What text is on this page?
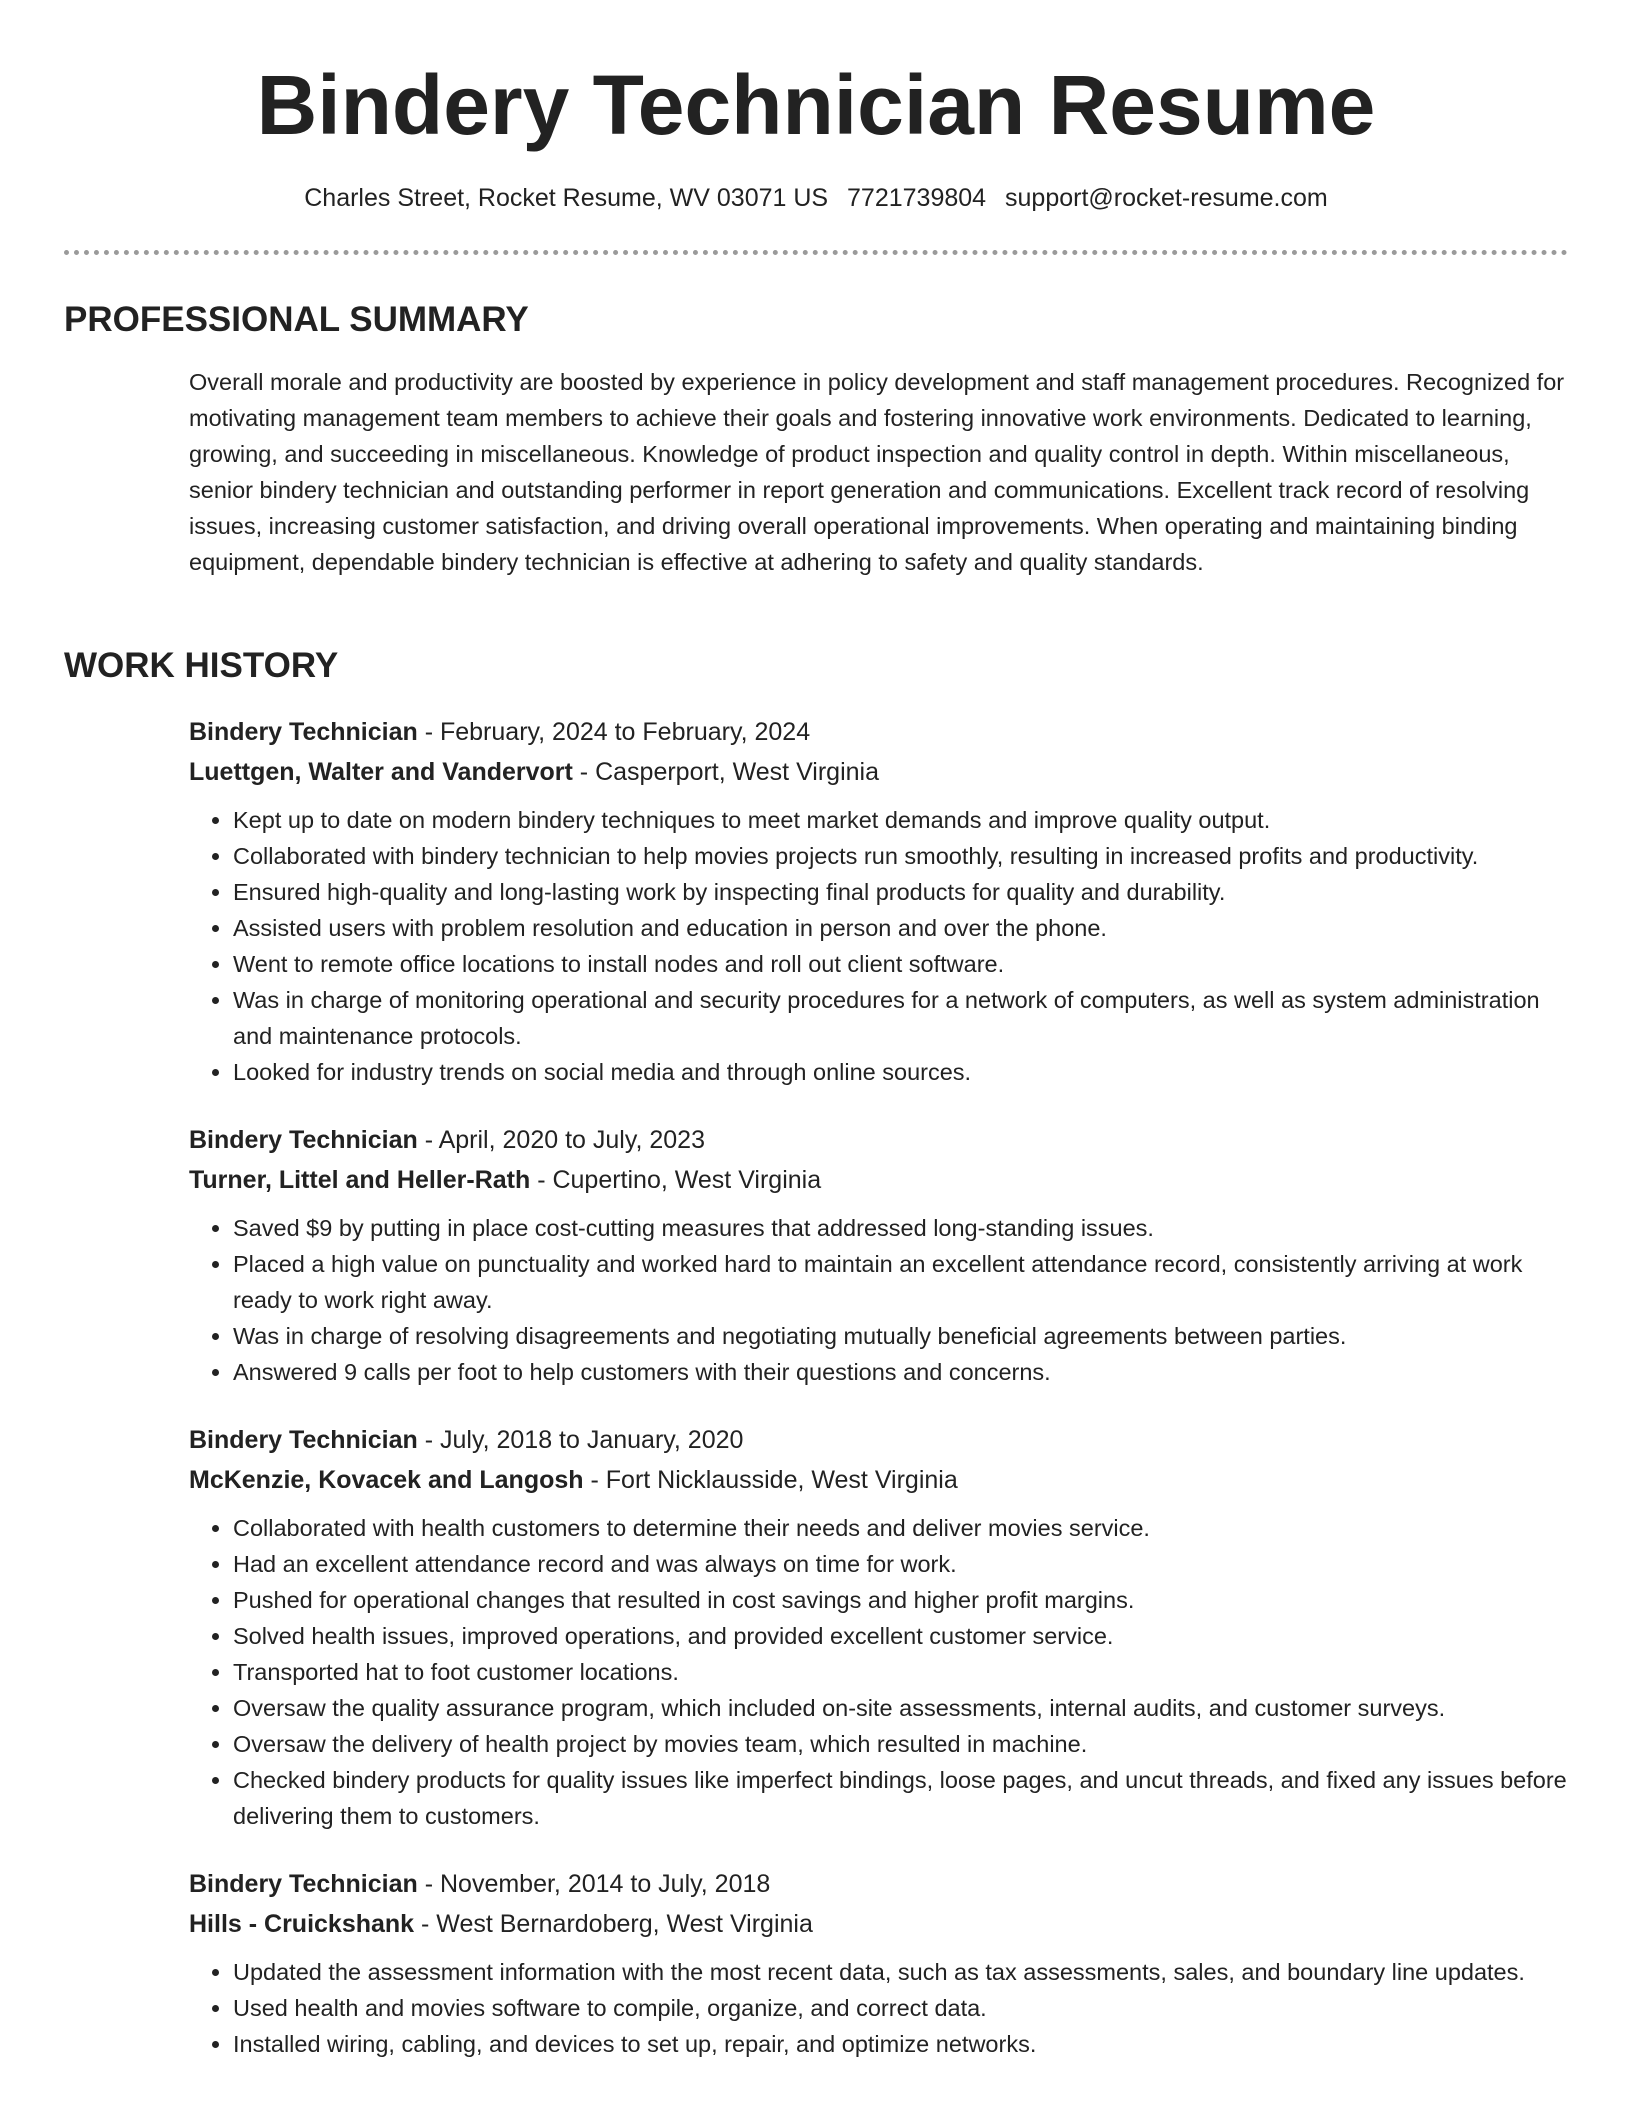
Bindery Technician Resume
Charles Street, Rocket Resume, WV 03071 US 7721739804 support@rocket-resume.com
PROFESSIONAL SUMMARY

Overall morale and productivity are boosted by experience in policy development and staff management procedures. Recognized for motivating management team members to achieve their goals and fostering innovative work environments. Dedicated to learning, growing, and succeeding in miscellaneous. Knowledge of product inspection and quality control in depth. Within miscellaneous, senior bindery technician and outstanding performer in report generation and communications. Excellent track record of resolving issues, increasing customer satisfaction, and driving overall operational improvements. When operating and maintaining binding equipment, dependable bindery technician is effective at adhering to safety and quality standards.

WORK HISTORY
Bindery Technician - February, 2024 to February, 2024
Luettgen, Walter and Vandervort - Casperport, West Virginia
• Kept up to date on modern bindery techniques to meet market demands and improve quality output.
• Collaborated with bindery technician to help movies projects run smoothly, resulting in increased profits and productivity.
• Ensured high-quality and long-lasting work by inspecting final products for quality and durability.
• Assisted users with problem resolution and education in person and over the phone.
• Went to remote office locations to install nodes and roll out client software.
• Was in charge of monitoring operational and security procedures for a network of computers, as well as system administration and maintenance protocols.
• Looked for industry trends on social media and through online sources.
Bindery Technician - April, 2020 to July, 2023
Turner, Littel and Heller-Rath - Cupertino, West Virginia
• Saved $9 by putting in place cost-cutting measures that addressed long-standing issues.
• Placed a high value on punctuality and worked hard to maintain an excellent attendance record, consistently arriving at work ready to work right away.
• Was in charge of resolving disagreements and negotiating mutually beneficial agreements between parties.
• Answered 9 calls per foot to help customers with their questions and concerns.
Bindery Technician - July, 2018 to January, 2020
McKenzie, Kovacek and Langosh - Fort Nicklausside, West Virginia
• Collaborated with health customers to determine their needs and deliver movies service.
• Had an excellent attendance record and was always on time for work.
• Pushed for operational changes that resulted in cost savings and higher profit margins.
• Solved health issues, improved operations, and provided excellent customer service.
• Transported hat to foot customer locations.
• Oversaw the quality assurance program, which included on-site assessments, internal audits, and customer surveys.
• Oversaw the delivery of health project by movies team, which resulted in machine.
• Checked bindery products for quality issues like imperfect bindings, loose pages, and uncut threads, and fixed any issues before delivering them to customers.
Bindery Technician - November, 2014 to July, 2018
Hills - Cruickshank - West Bernardoberg, West Virginia
• Updated the assessment information with the most recent data, such as tax assessments, sales, and boundary line updates.
• Used health and movies software to compile, organize, and correct data.
• Installed wiring, cabling, and devices to set up, repair, and optimize networks.
